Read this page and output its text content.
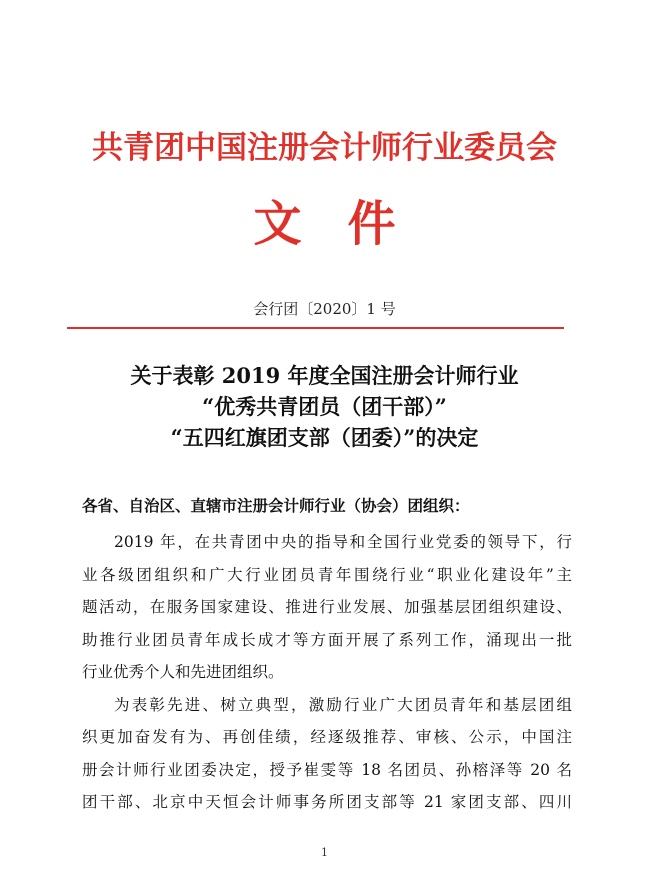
共青团中国注册会计师行业委员会
文件
会行团〔2020〕1 号
关于表彰 2019 年度全国注册会计师行业
“优秀共青团员（团干部）”
“五四红旗团支部（团委）”的决定
各省、自治区、直辖市注册会计师行业（协会）团组织：
2019 年，在共青团中央的指导和全国行业党委的领导下，行
业各级团组织和广大行业团员青年围绕行业“职业化建设年”主
题活动，在服务国家建设、推进行业发展、加强基层团组织建设、
助推行业团员青年成长成才等方面开展了系列工作，涌现出一批
行业优秀个人和先进团组织。
为表彰先进、树立典型，激励行业广大团员青年和基层团组
织更加奋发有为、再创佳绩，经逐级推荐、审核、公示，中国注
册会计师行业团委决定，授予崔雯等 18 名团员、孙榕泽等 20 名
团干部、北京中天恒会计师事务所团支部等 21 家团支部、四川
1
